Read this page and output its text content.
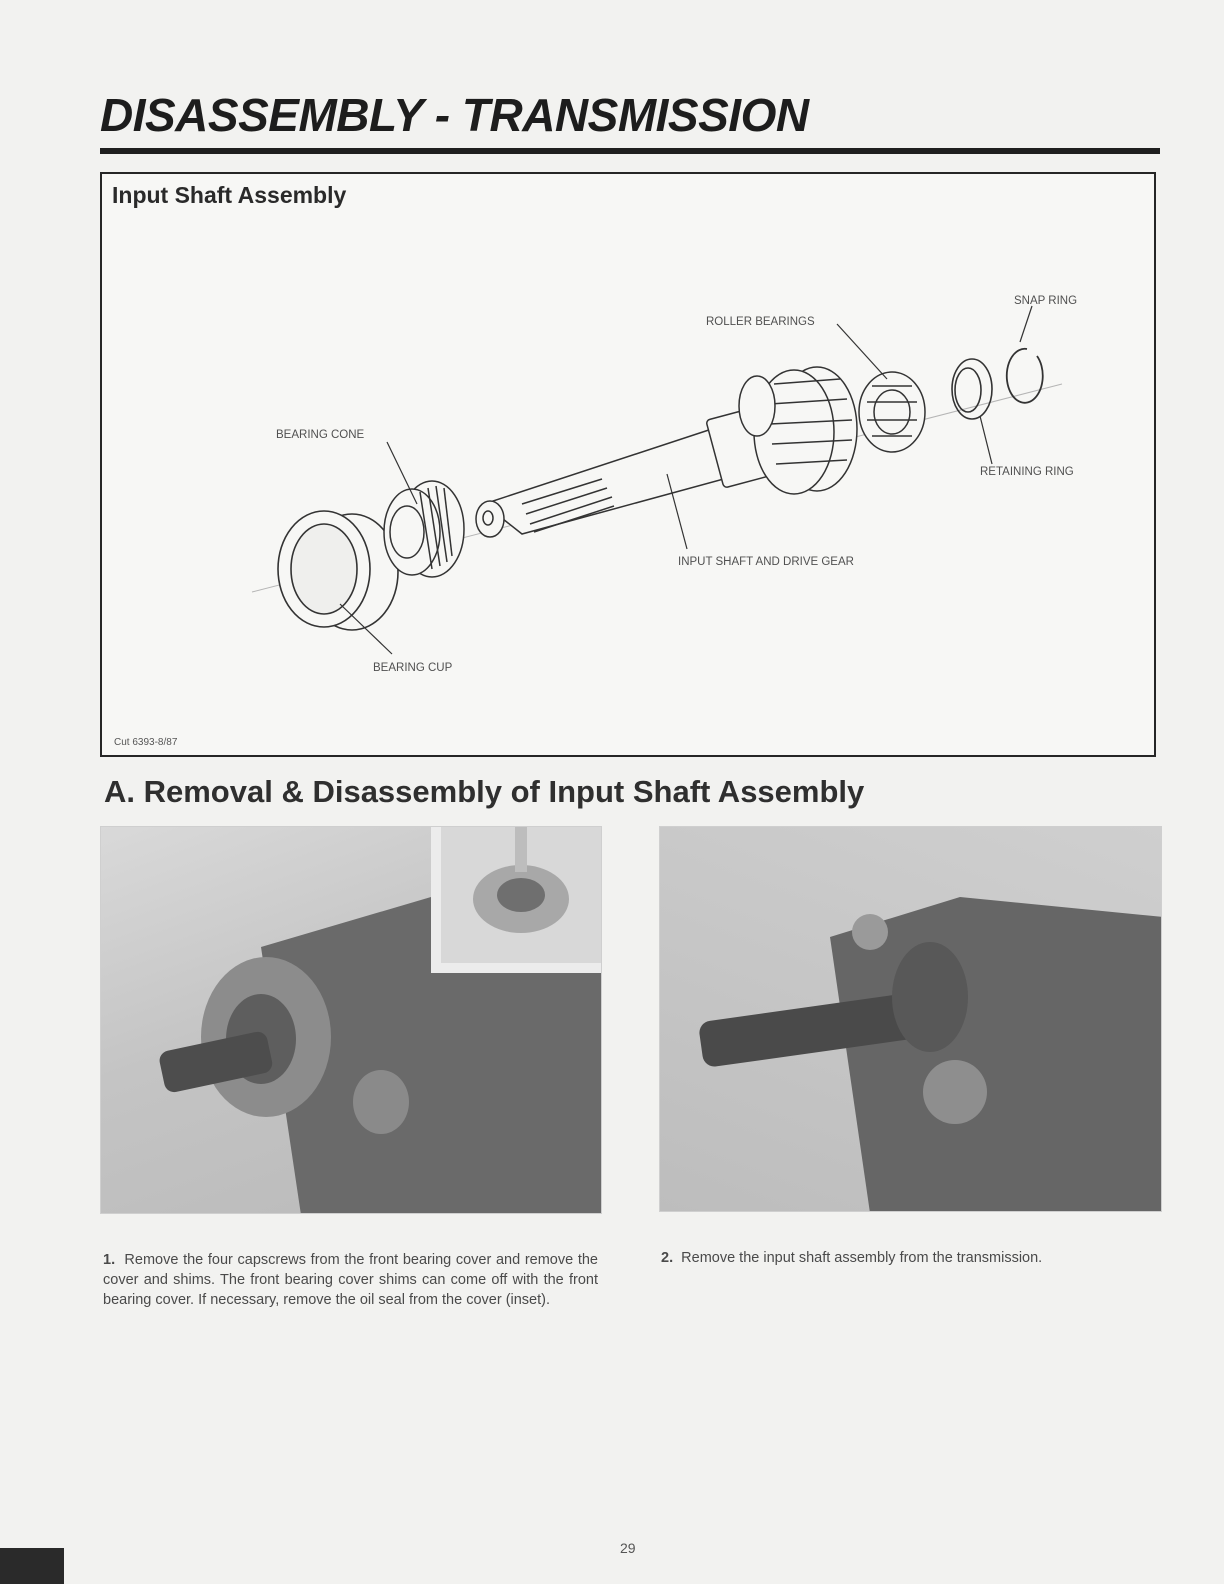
DISASSEMBLY - TRANSMISSION
Input Shaft Assembly
SNAP RING
ROLLER BEARINGS
BEARING CONE
RETAINING RING
INPUT SHAFT AND DRIVE GEAR
BEARING CUP
Cut 6393-8/87
A. Removal & Disassembly of Input Shaft Assembly

1. Remove the four capscrews from the front bearing cover and remove the cover and shims. The front bearing cover shims can come off with the front bearing cover. If necessary, remove the oil seal from the cover (inset).

2. Remove the input shaft assembly from the transmission.

29
